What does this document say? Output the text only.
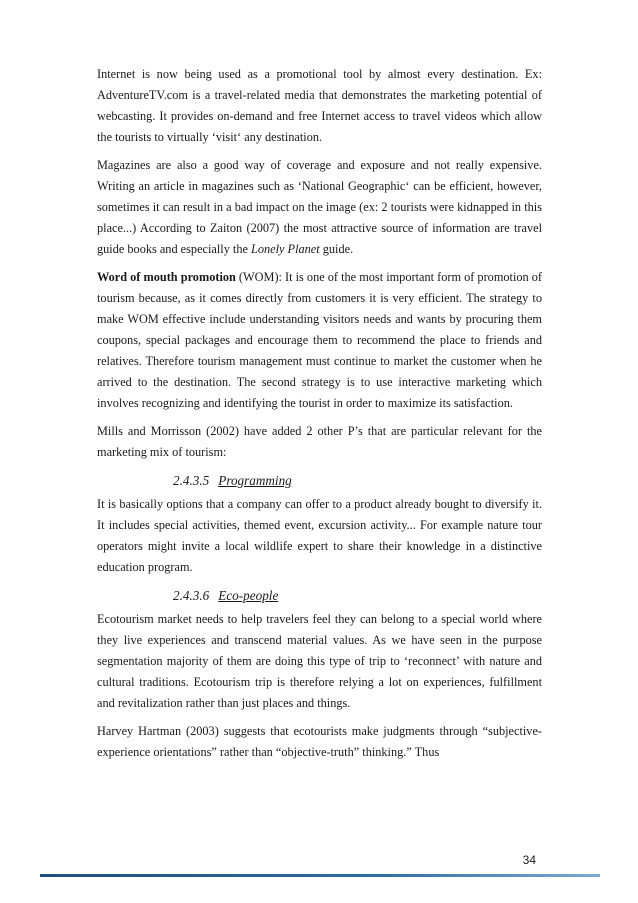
Internet is now being used as a promotional tool by almost every destination. Ex: AdventureTV.com is a travel-related media that demonstrates the marketing potential of webcasting. It provides on-demand and free Internet access to travel videos which allow the tourists to virtually ‘visit‘ any destination.

Magazines are also a good way of coverage and exposure and not really expensive. Writing an article in magazines such as ‘National Geographic‘ can be efficient, however, sometimes it can result in a bad impact on the image (ex: 2 tourists were kidnapped in this place...) According to Zaiton (2007) the most attractive source of information are travel guide books and especially the Lonely Planet guide.

Word of mouth promotion (WOM): It is one of the most important form of promotion of tourism because, as it comes directly from customers it is very efficient. The strategy to make WOM effective include understanding visitors needs and wants by procuring them coupons, special packages and encourage them to recommend the place to friends and relatives. Therefore tourism management must continue to market the customer when he arrived to the destination. The second strategy is to use interactive marketing which involves recognizing and identifying the tourist in order to maximize its satisfaction.

Mills and Morrisson (2002) have added 2 other P’s that are particular relevant for the marketing mix of tourism:

2.4.3.5 Programming

It is basically options that a company can offer to a product already bought to diversify it. It includes special activities, themed event, excursion activity... For example nature tour operators might invite a local wildlife expert to share their knowledge in a distinctive education program.

2.4.3.6 Eco-people

Ecotourism market needs to help travelers feel they can belong to a special world where they live experiences and transcend material values. As we have seen in the purpose segmentation majority of them are doing this type of trip to ‘reconnect’ with nature and cultural traditions. Ecotourism trip is therefore relying a lot on experiences, fulfillment and revitalization rather than just places and things.

Harvey Hartman (2003) suggests that ecotourists make judgments through “subjective-experience orientations” rather than “objective-truth” thinking.” Thus

34
